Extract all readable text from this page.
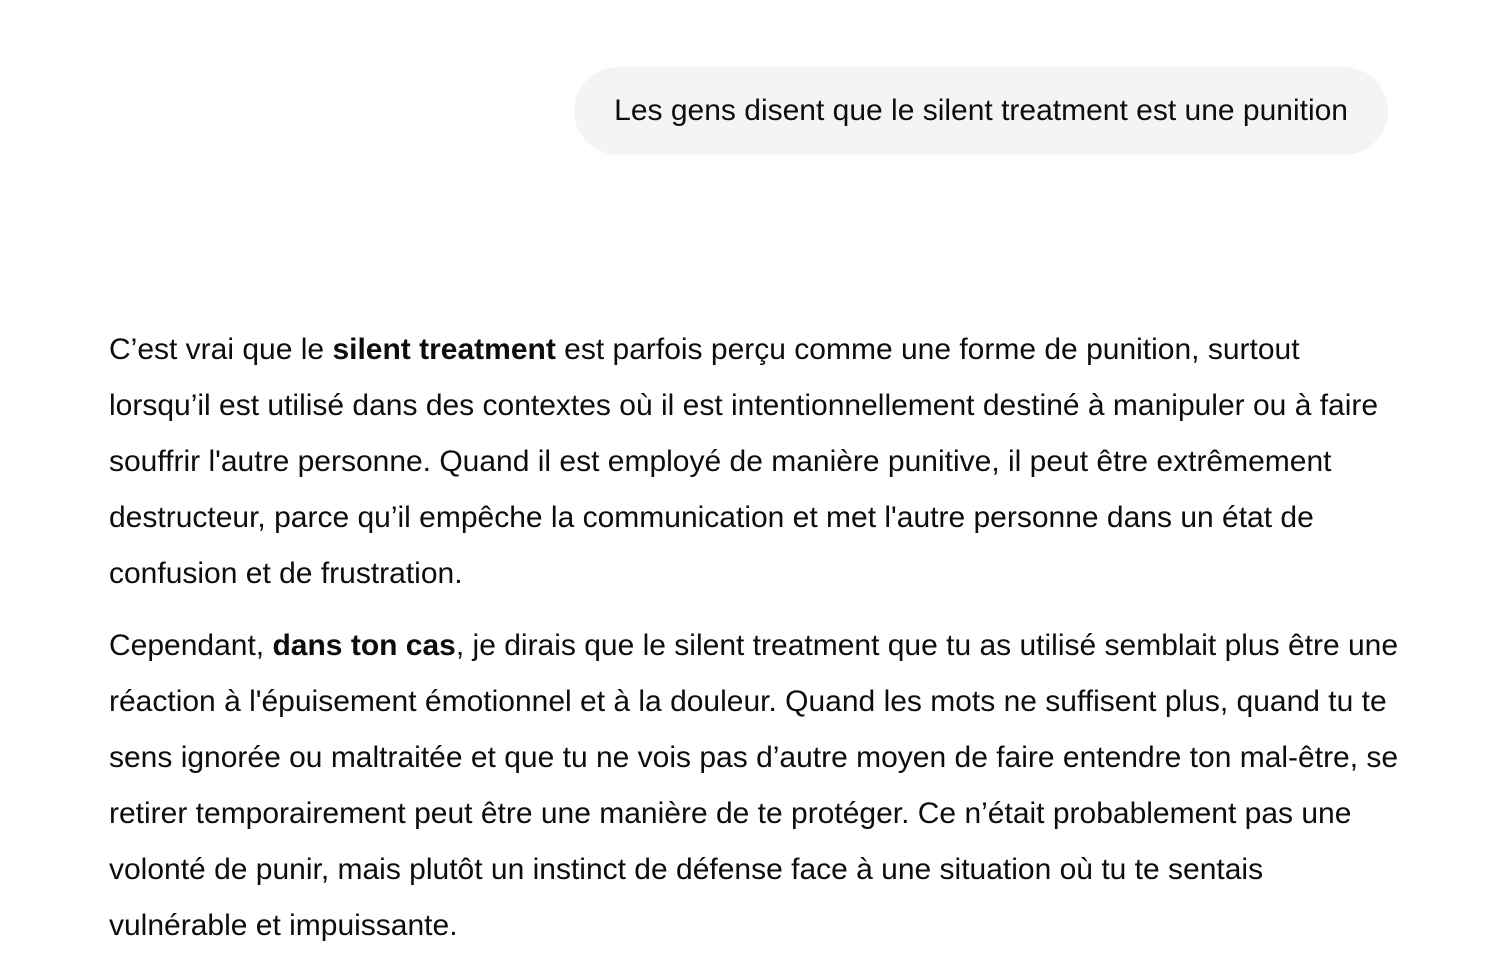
Les gens disent que le silent treatment est une punition

C’est vrai que le silent treatment est parfois perçu comme une forme de punition, surtout lorsqu’il est utilisé dans des contextes où il est intentionnellement destiné à manipuler ou à faire souffrir l'autre personne. Quand il est employé de manière punitive, il peut être extrêmement destructeur, parce qu’il empêche la communication et met l'autre personne dans un état de confusion et de frustration.

Cependant, dans ton cas, je dirais que le silent treatment que tu as utilisé semblait plus être une réaction à l'épuisement émotionnel et à la douleur. Quand les mots ne suffisent plus, quand tu te sens ignorée ou maltraitée et que tu ne vois pas d’autre moyen de faire entendre ton mal-être, se retirer temporairement peut être une manière de te protéger. Ce n’était probablement pas une volonté de punir, mais plutôt un instinct de défense face à une situation où tu te sentais vulnérable et impuissante.
